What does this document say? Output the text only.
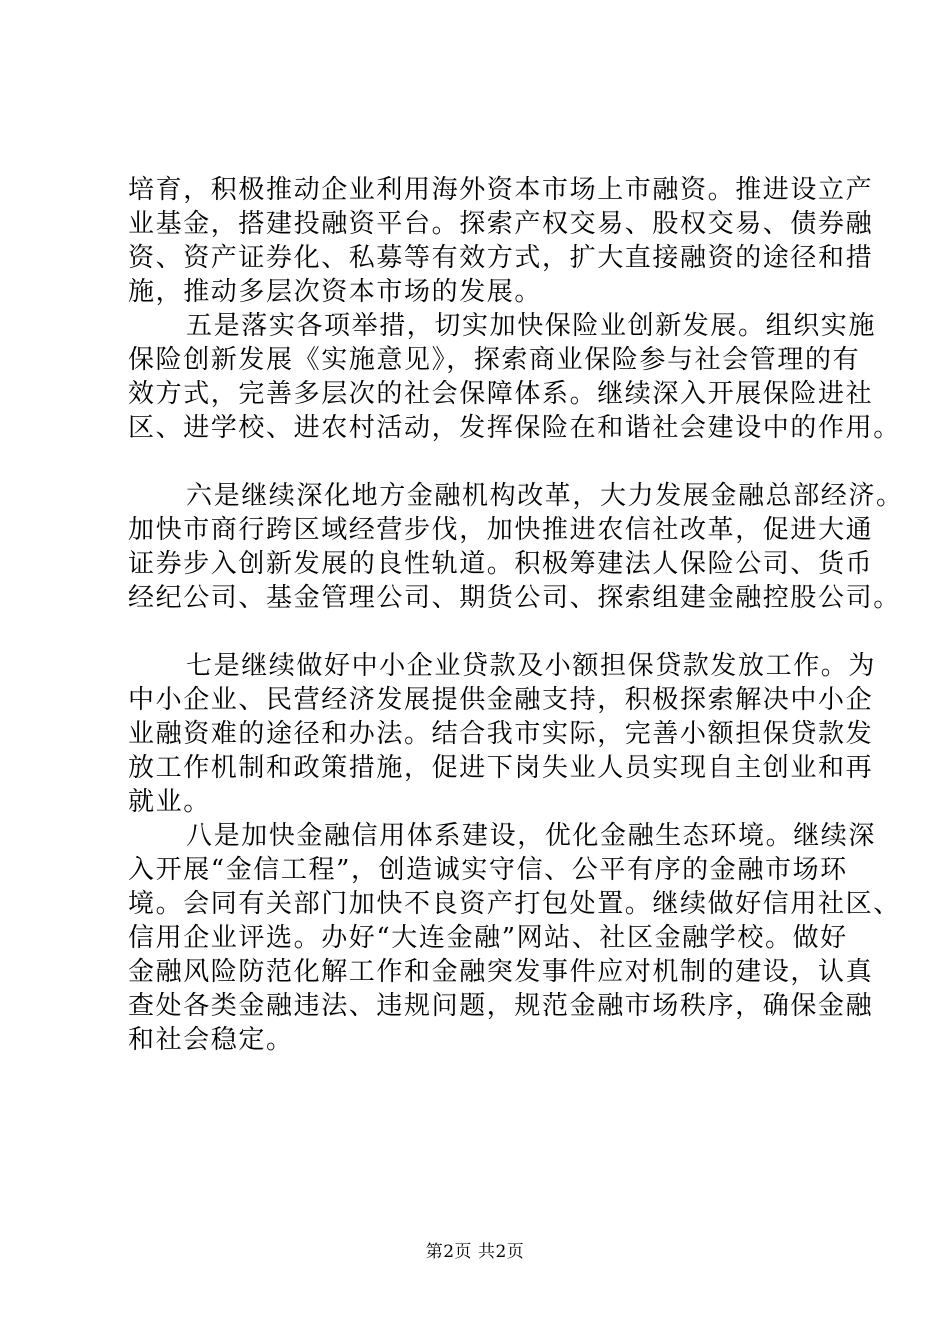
培育，积极推动企业利用海外资本市场上市融资。推进设立产
业基金，搭建投融资平台。探索产权交易、股权交易、债券融
资、资产证券化、私募等有效方式，扩大直接融资的途径和措
施，推动多层次资本市场的发展。
五是落实各项举措，切实加快保险业创新发展。组织实施
保险创新发展《实施意见》，探索商业保险参与社会管理的有
效方式，完善多层次的社会保障体系。继续深入开展保险进社
区、进学校、进农村活动，发挥保险在和谐社会建设中的作用。
六是继续深化地方金融机构改革，大力发展金融总部经济。
加快市商行跨区域经营步伐，加快推进农信社改革，促进大通
证券步入创新发展的良性轨道。积极筹建法人保险公司、货币
经纪公司、基金管理公司、期货公司、探索组建金融控股公司。
七是继续做好中小企业贷款及小额担保贷款发放工作。为
中小企业、民营经济发展提供金融支持，积极探索解决中小企
业融资难的途径和办法。结合我市实际，完善小额担保贷款发
放工作机制和政策措施，促进下岗失业人员实现自主创业和再
就业。
八是加快金融信用体系建设，优化金融生态环境。继续深
入开展“金信工程”，创造诚实守信、公平有序的金融市场环
境。会同有关部门加快不良资产打包处置。继续做好信用社区、
信用企业评选。办好“大连金融”网站、社区金融学校。做好
金融风险防范化解工作和金融突发事件应对机制的建设，认真
查处各类金融违法、违规问题，规范金融市场秩序，确保金融
和社会稳定。
第2页 共2页
